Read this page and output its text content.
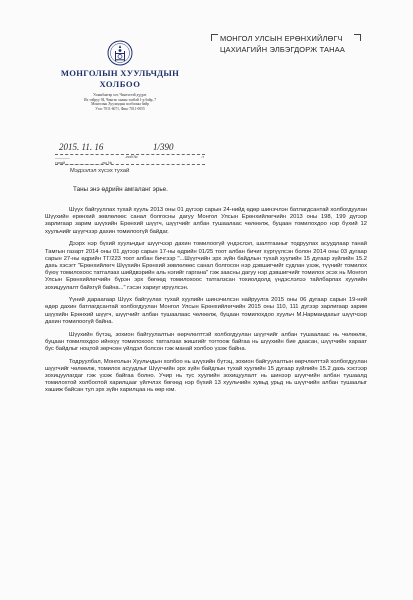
МОНГОЛЫН ХУУЛЬЧДЫН
ХОЛБОО
Улаанбаатар хот, Чингэлтэй дүүрэг
Их тойруу 94, Чингис хааны талбай 1-р байр, 7
Монголын Хуульчдын холбооны байр
Утас 7011-6071, Факс 7011-0055
2015. 11. 16	1/390
_______	-ний №	-т
танай ________________ -ны №
МОНГОЛ УЛСЫН ЕРӨНХИЙЛӨГЧ
ЦАХИАГИЙН ЭЛБЭГДОРЖ ТАНАА
Мэдээлэл хүсэх тухай
Таны энэ өдрийн амгаланг эрье.

Шүүх байгууллах тухай хууль 2013 оны 01 дүгээр сарын 24-нийд өдөр шинэчлэн батлагдсантай холбогдуулан Шүүхийн ерөнхий зөвлөлөөс санал болгосны дагуу Монгол Улсын Ерөнхийлөгчийн 2013 оны 198, 199 дүгээр зарлигаар зарим шүүхийн Ерөнхий шүүгч, шүүгчийг албан тушаалаас чөлөөлж, буцаан томилохдоо нэр бүхий 12 хуульчийг шүүгчээр дахин томилоогүй байдаг.

Дээрх нэр бүхий хуульчдыг шүүгчээр дахин томилоогүй үндэслэл, шалтгааныг тодруулах асуудлаар танай Тамгын газарт 2014 оны 01 дүгээр сарын 17-ны өдрийн 01/25 тоот албан бичиг хүргүүлсэн болон 2014 оны 03 дугаар сарын 27-ны өдрийн ТГ/223 тоот албан бичгээр "...Шүүгчийн эрх зүйн байдлын тухай хуулийн 15 дугаар зүйлийн 15.2 дахь хэсэгт "Ерөнхийлөгч Шүүхийн Ерөнхий зөвлөлөөс санал болгосон нэр дэвшигчийг судлан үзэж, түүнийг томилох бүюү томилохоос татгалзах шийдвэрийн аль нэгийг гаргана" гэж заасны дагуу нэр дэвшигчийг томилох эсэх нь Монгол Улсын Ерөнхийлөгчийн бүрэн эрх бөгөөд томилохоос татгалзсан тохиолдолд үндэслэлээ тайлбарлах хуулийн зохицуулалт байхгүй байна..." гэсэн хариуг ирүүлсэн.

Үүний дараагаар Шүүх байгуулах тухай хуулийн шинэчилсэн найруулга 2015 оны 06 дугаар сарын 19-ний өдөр дахин батлагдсантай холбогдуулан Монгол Улсын Ерөнхийлөгчийн 2015 оны 110, 111 дүгээр зарлигаар зарим шүүхийн Ерөнхий шүүгч, шүүгчийг албан тушаалаас чөлөөлж, буцаан томилохдоо хуульч М.Нармандахыг шүүгчээр дахин томилоогүй байна.

Шүүхийн бүтэц, зохион байгуулалтын өөрчлөлттэй холбогдуулан шүүгчийг албан тушаалаас нь чөлөөлж, буцаан томилохдоо ийнхүү томилохоос татгалзах жишгийг тогтоож байгаа нь шүүхийн бие даасан, шүүгчийн хараат бус байдлыг ноцтой зөрчсөн үйлдэл болсон гэж манай холбоо үзэж байна.

Тодруулбал, Монголын Хуульчдын холбоо нь шүүхийн бүтэц, зохион байгуулалтын өөрчлөлттэй холбогдуулан шүүгчийг чөлөөлж, томилох асуудлыг Шүүгчийн эрх зүйн байдлын тухай хуулийн 15 дугаар зүйлийн 15.2 дахь хэсгээр зохицуулагдаг гэж үзэж байгаа болно. Учир нь тус хуулийн зохицуулалт нь шинээр шүүгчийн албан тушаалд томилохтой холбоотой харилцааг үйлчлэх бөгөөд нэр бүхий 13 хуульчийн хувьд урьд нь шүүгчийн албан тушаалыг хашиж байсан тул эрх зүйн харилцаа нь өөр юм.
